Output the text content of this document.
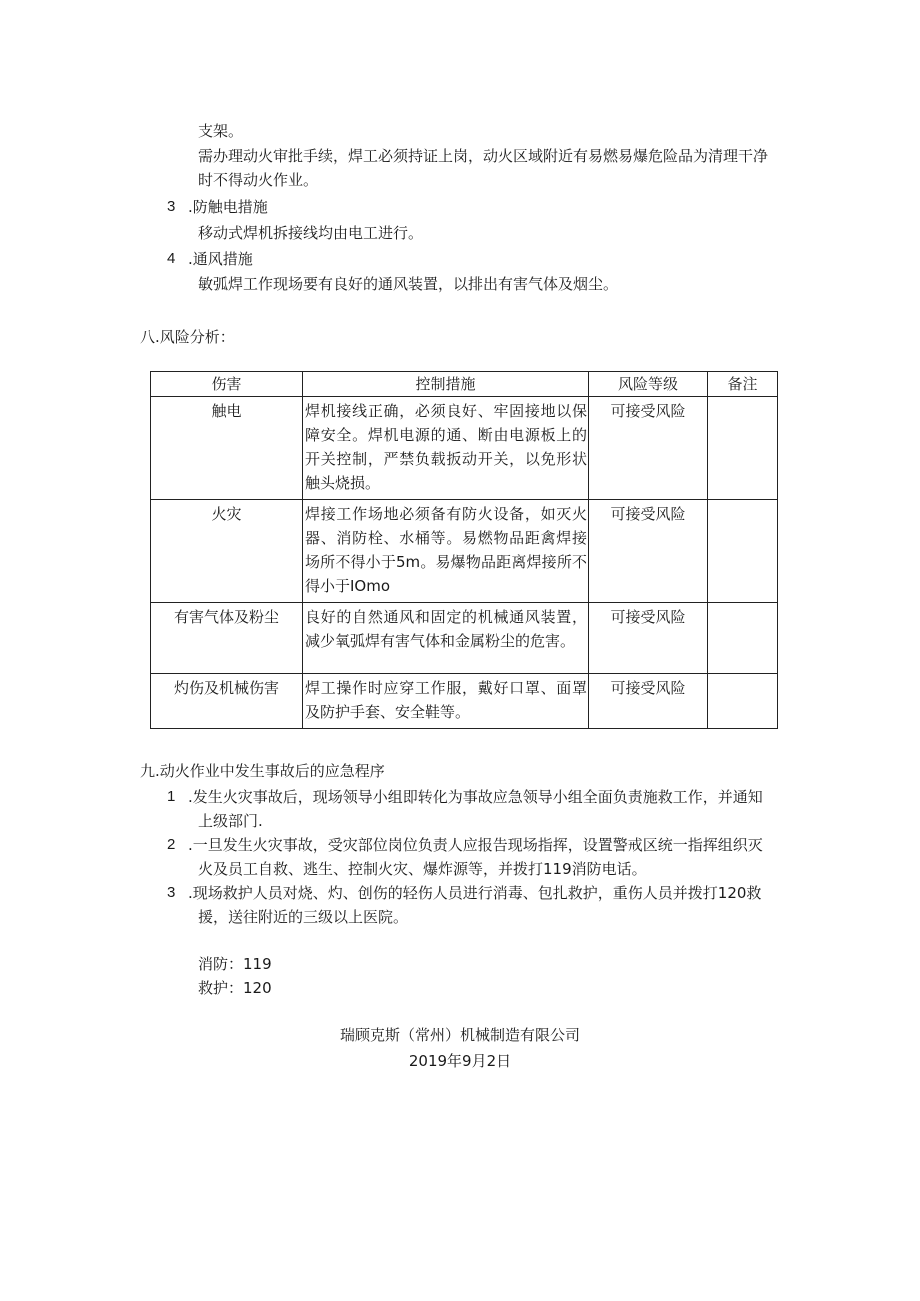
支架。
需办理动火审批手续，焊工必须持证上岗，动火区域附近有易燃易爆危险品为清理干净
时不得动火作业。
3 .防触电措施
移动式焊机拆接线均由电工进行。
4 .通风措施
敏弧焊工作现场要有良好的通风装置，以排出有害气体及烟尘。
八.风险分析：
伤害	控制措施	风险等级	备注
触电	焊机接线正确，必须良好、牢固接地以保障安全。焊机电源的通、断由电源板上的开关控制，严禁负载扳动开关，以免形状触头烧损。	可接受风险	
火灾	焊接工作场地必须备有防火设备，如灭火器、消防栓、水桶等。易燃物品距禽焊接场所不得小于5m。易爆物品距离焊接所不得小于IOmo	可接受风险	
有害气体及粉尘	良好的自然通风和固定的机械通风装置，减少氧弧焊有害气体和金属粉尘的危害。	可接受风险	
灼伤及机械伤害	焊工操作时应穿工作服，戴好口罩、面罩及防护手套、安全鞋等。	可接受风险	
九.动火作业中发生事故后的应急程序
1 .发生火灾事故后，现场领导小组即转化为事故应急领导小组全面负责施救工作，并通知
上级部门.
2 .一旦发生火灾事故，受灾部位岗位负责人应报告现场指挥，设置警戒区统一指挥组织灭
火及员工自救、逃生、控制火灾、爆炸源等，并拨打119消防电话。
3 .现场救护人员对烧、灼、创伤的轻伤人员进行消毒、包扎救护，重伤人员并拨打120救
援，送往附近的三级以上医院。
消防：119
救护：120
瑞顾克斯（常州）机械制造有限公司
2019年9月2日
